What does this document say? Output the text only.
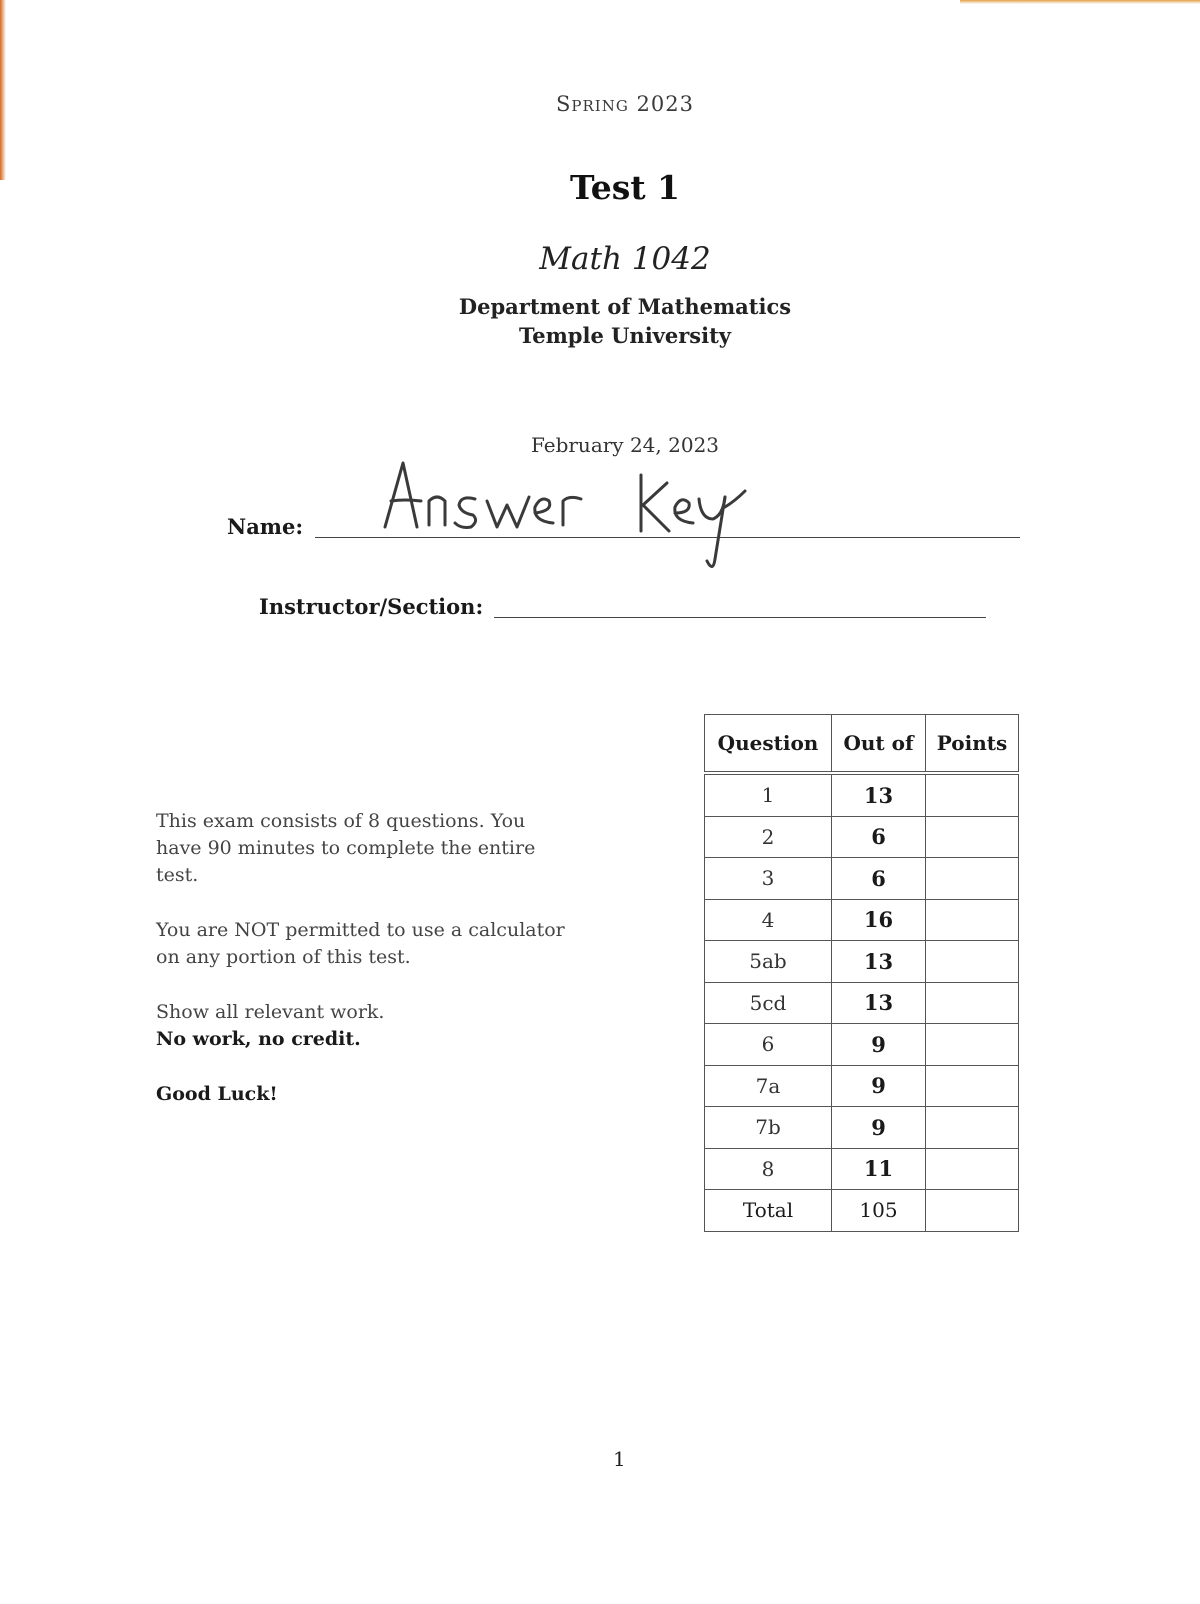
Spring 2023
Test 1
Math 1042
Department of Mathematics
Temple University
February 24, 2023
Name:
Instructor/Section:

This exam consists of 8 questions. You have 90 minutes to complete the entire test.

You are NOT permitted to use a calculator on any portion of this test.

Show all relevant work.
No work, no credit.

Good Luck!

Question	Out of	Points
1	13	
2	6	
3	6	
4	16	
5ab	13	
5cd	13	
6	9	
7a	9	
7b	9	
8	11	
Total	105	
1
